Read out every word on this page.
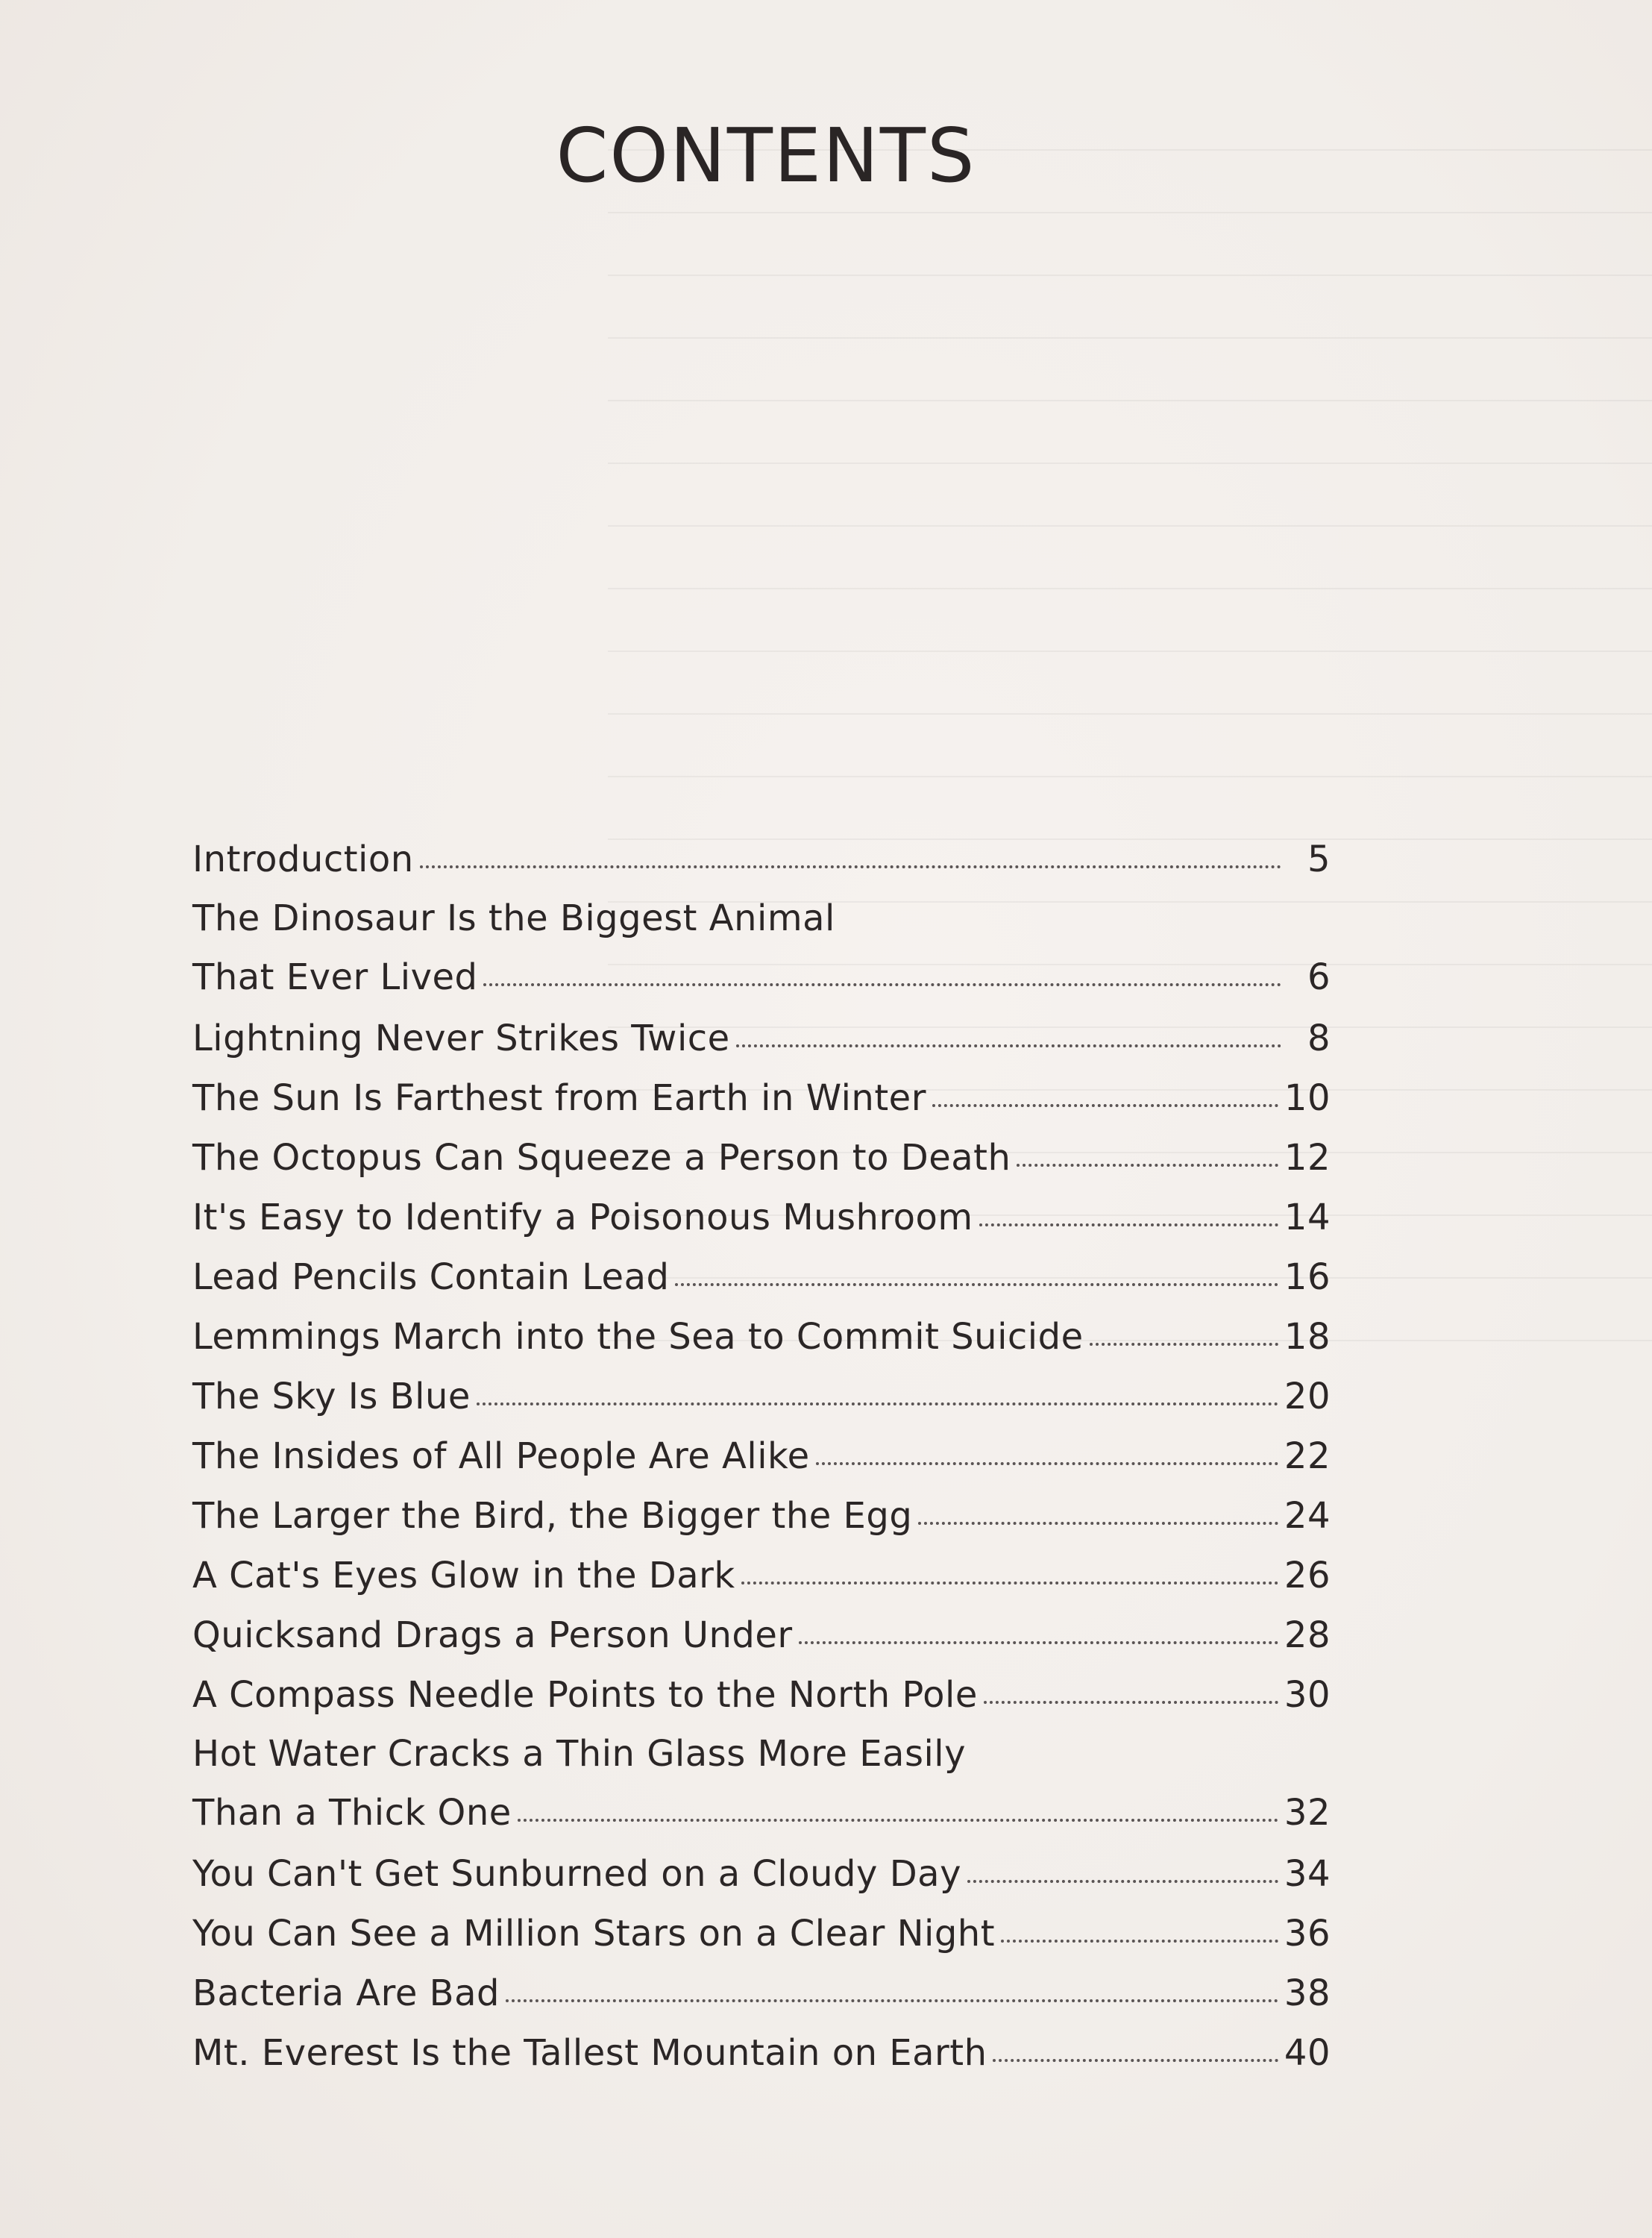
CONTENTS
Introduction	5
The Dinosaur Is the Biggest Animal
That Ever Lived	6
Lightning Never Strikes Twice	8
The Sun Is Farthest from Earth in Winter	10
The Octopus Can Squeeze a Person to Death	12
It's Easy to Identify a Poisonous Mushroom	14
Lead Pencils Contain Lead	16
Lemmings March into the Sea to Commit Suicide	18
The Sky Is Blue	20
The Insides of All People Are Alike	22
The Larger the Bird, the Bigger the Egg	24
A Cat's Eyes Glow in the Dark	26
Quicksand Drags a Person Under	28
A Compass Needle Points to the North Pole	30
Hot Water Cracks a Thin Glass More Easily
Than a Thick One	32
You Can't Get Sunburned on a Cloudy Day	34
You Can See a Million Stars on a Clear Night	36
Bacteria Are Bad	38
Mt. Everest Is the Tallest Mountain on Earth	40
